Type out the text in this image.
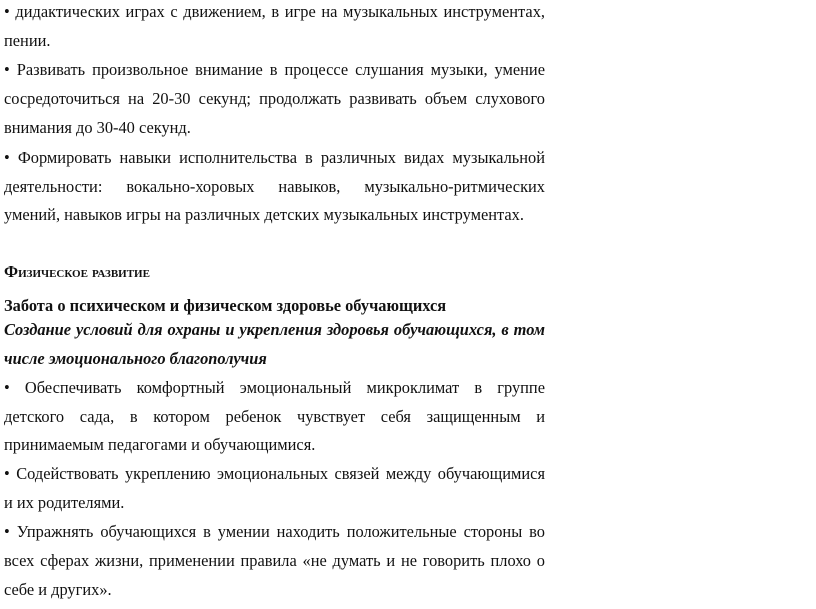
• дидактических играх с движением, в игре на музыкальных инструментах,
пении.
• Развивать произвольное внимание в процессе слушания музыки, умение
сосредоточиться на 20-30 секунд; продолжать развивать объем слухового
внимания до 30-40 секунд.
• Формировать навыки исполнительства в различных видах музыкальной
деятельности: вокально-хоровых навыков, музыкально-ритмических
умений, навыков игры на различных детских музыкальных инструментах.
Физическое развитие
Забота о психическом и физическом здоровье обучающихся
Создание условий для охраны и укрепления здоровья обучающихся, в том
числе эмоционального благополучия
• Обеспечивать комфортный эмоциональный микроклимат в группе
детского сада, в котором ребенок чувствует себя защищенным и
принимаемым педагогами и обучающимися.
• Содействовать укреплению эмоциональных связей между обучающимися
и их родителями.
• Упражнять обучающихся в умении находить положительные стороны во
всех сферах жизни, применении правила «не думать и не говорить плохо о
себе и других».
